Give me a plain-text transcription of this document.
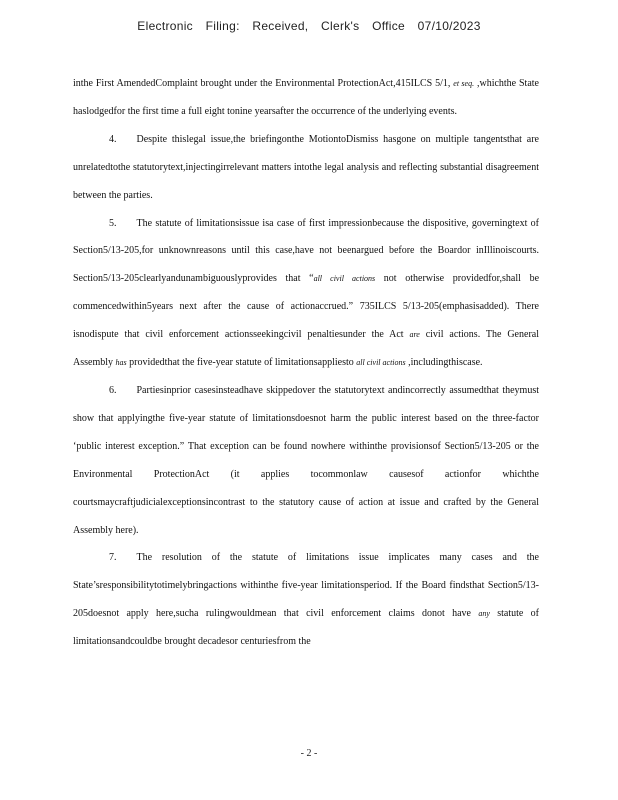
Electronic Filing: Received, Clerk's Office 07/10/2023

inthe First AmendedComplaint brought under the Environmental ProtectionAct,415ILCS 5/1, et seq. ,whichthe State haslodgedfor the first time a full eight tonine yearsafter the occurrence of the underlying events.

4. Despite thislegal issue,the briefingonthe MotiontoDismiss hasgone on multiple tangentsthat are unrelatedtothe statutorytext,injectingirrelevant matters intothe legal analysis and reflecting substantial disagreement between the parties.

5. The statute of limitationsissue isa case of first impressionbecause the dispositive, governingtext of Section5/13-205,for unknownreasons until this case,have not beenargued before the Boardor inIllinoiscourts. Section5/13-205clearlyandunambiguouslyprovides that “all civil actions not otherwise providedfor,shall be commencedwithin5years next after the cause of actionaccrued.” 735ILCS 5/13-205(emphasisadded). There isnodispute that civil enforcement actionsseekingcivil penaltiesunder the Act are civil actions. The General Assembly has providedthat the five-year statute of limitationsappliesto all civil actions ,includingthiscase.

6. Partiesinprior casesinsteadhave skippedover the statutorytext andincorrectly assumedthat theymust show that applyingthe five-year statute of limitationsdoesnot harm the public interest based on the three-factor ‘public interest exception.” That exception can be found nowhere withinthe provisionsof Section5/13-205 or the Environmental ProtectionAct (it applies tocommonlaw causesof actionfor whichthe courtsmaycraftjudicialexceptionsincontrast to the statutory cause of action at issue and crafted by the General Assembly here).

7. The resolution of the statute of limitations issue implicates many cases and the State’sresponsibilitytotimelybringactions withinthe five-year limitationsperiod. If the Board findsthat Section5/13-205doesnot apply here,sucha rulingwouldmean that civil enforcement claims donot have any statute of limitationsandcouldbe brought decadesor centuriesfrom the

- 2 -
